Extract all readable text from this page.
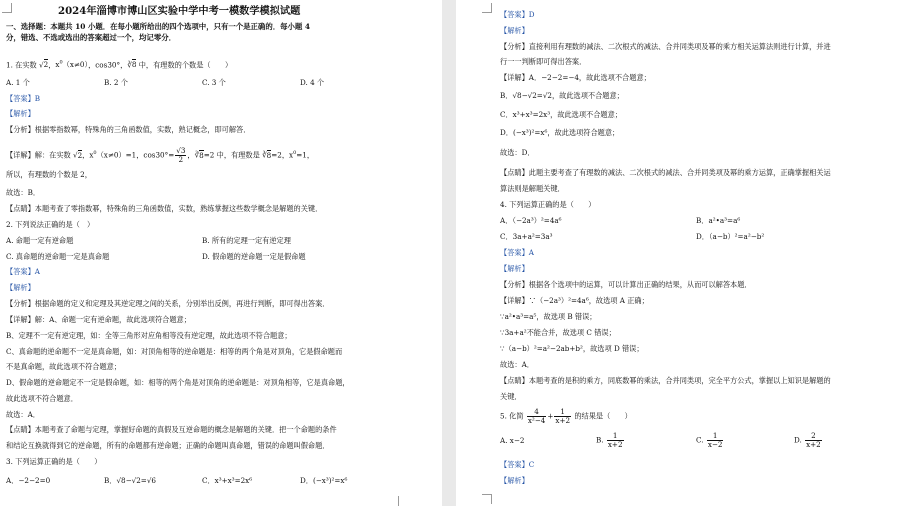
2024年淄博市博山区实验中学中考一模数学模拟试题
一、选择题：本题共 10 小题．在每小题所给出的四个选项中，只有一个是正确的．每小题 4
分，错选、不选或选出的答案超过一个，均记零分．
1. 在实数 √2，$x^0(x\ne 0)$，cos30°，∛8 中，有理数的个数是（　　）
A. 1 个	B. 2 个	C. 3 个	D. 4 个
【答案】B
【解析】
【分析】根据零指数幂，特殊角的三角函数值，实数，熟记概念，即可解答．
【详解】解：在实数 √2，$x^0(x\ne 0)=1$，$\cos 30^\circ= \frac{√3}{2}$ ，∛8=2 中，有理数是 ∛8=2，$x^0=1$，
所以，有理数的个数是 2，
故选：B．
【点睛】本题考查了零指数幂，特殊角的三角函数值，实数，熟练掌握这些数学概念是解题的关键．
2. 下列说法正确的是（　）
A. 命题一定有逆命题	B. 所有的定理一定有逆定理
C. 真命题的逆命题一定是真命题	D. 假命题的逆命题一定是假命题
【答案】A
【解析】
【分析】根据命题的定义和定理及其逆定理之间的关系，分别举出反例，再进行判断，即可得出答案．
【详解】解：A、命题一定有逆命题，故此选项符合题意；
B、定理不一定有逆定理，如：全等三角形对应角相等没有逆定理，故此选项不符合题意；
C、真命题的逆命题不一定是真命题，如：对顶角相等的逆命题是：相等的两个角是对顶角，它是假命题而
不是真命题，故此选项不符合题意；
D、假命题的逆命题定不一定是假命题，如：相等的两个角是对顶角的逆命题是：对顶角相等，它是真命题，
故此选项不符合题意．
故选：A．
【点睛】本题考查了命题与定理，掌握好命题的真假及互逆命题的概念是解题的关键．把一个命题的条件
和结论互换就得到它的逆命题，所有的命题都有逆命题；正确的命题叫真命题，错误的命题叫假命题．
3. 下列运算正确的是（　　）
A．−2−2=0	B．√8−√2=√6	C．x³+x³=2x⁶	D．(−x³)²=x⁶
【答案】D
【解析】
【分析】直接利用有理数的减法、二次根式的减法、合并同类项及幂的乘方相关运算法则进行计算，并进
行一一判断即可得出答案．
【详解】A．−2−2=−4，故此选项不合题意；
B．√8−√2=√2，故此选项不合题意；
C．x³+x³=2x³，故此选项不合题意；
D．(−x³)²=x⁶，故此选项符合题意；
故选：D．
【点睛】此题主要考查了有理数的减法、二次根式的减法、合并同类项及幂的乘方运算，正确掌握相关运
算法则是解题关键．
4. 下列运算正确的是（　　）
A．（−2a³）²=4a⁶	B．a²•a³=a⁶
C．3a+a²=3a³	D．（a−b）²=a²−b²
【答案】A
【解析】
【分析】根据各个选项中的运算，可以计算出正确的结果，从而可以解答本题．
【详解】∵（−2a³）²=4a⁶，故选项 A 正确；
∵a²•a³=a⁵，故选项 B 错误；
∵3a+a²不能合并，故选项 C 错误；
∵（a−b）²=a²−2ab+b²，故选项 D 错误；
故选：A．
【点睛】本题考查的是积的乘方，同底数幂的乘法，合并同类项，完全平方公式，掌握以上知识是解题的
关键．
5. 化简 $\frac{4}{\text{x²−4}} + \frac{1}{x+2}$ 的结果是（　　）
A. x−2	B. $\frac{1}{x+2}$	C. $\frac{1}{x-2}$	D. $\frac{2}{x+2}$
【答案】C
【解析】
